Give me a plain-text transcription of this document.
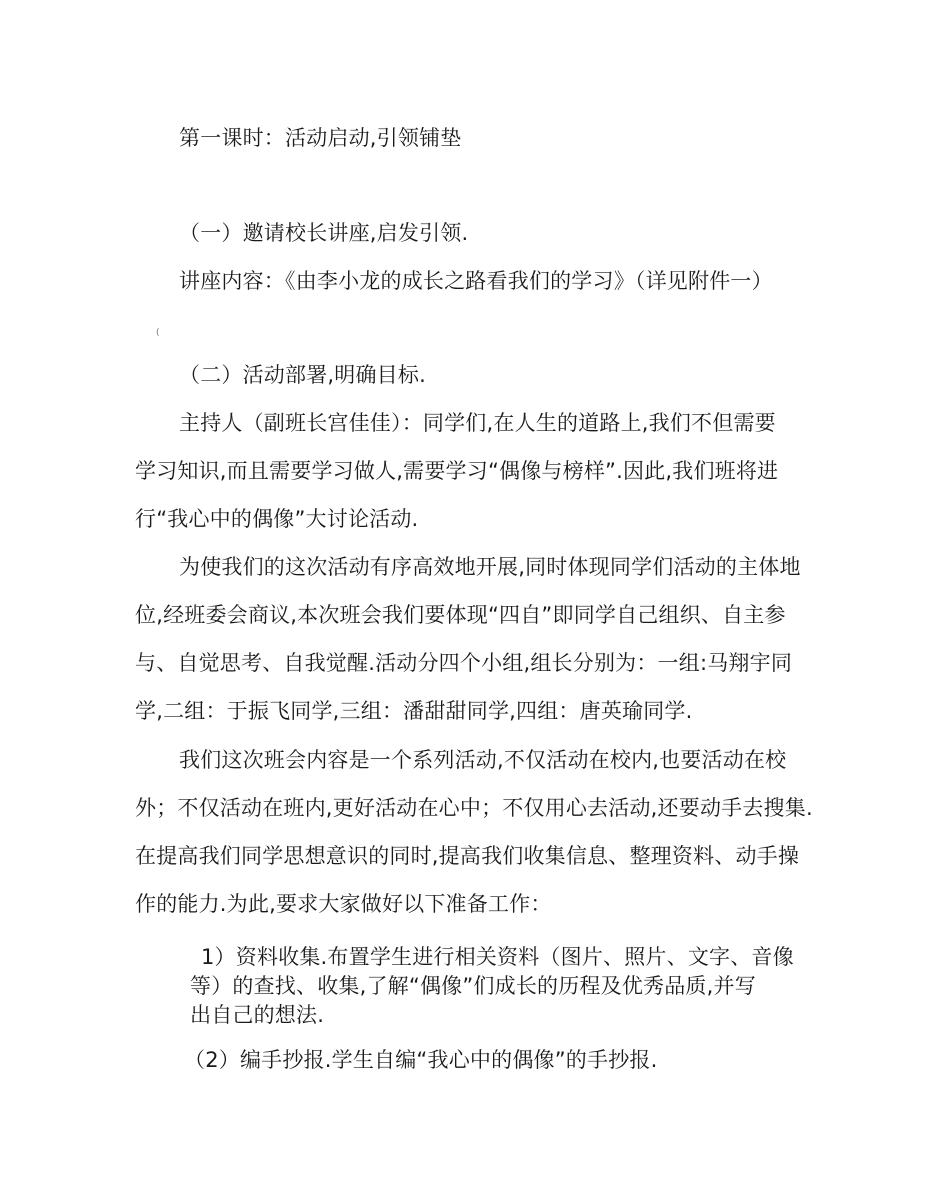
第一课时：活动启动,引领铺垫
（一）邀请校长讲座,启发引领.
讲座内容：《由李小龙的成长之路看我们的学习》（详见附件一）
(
（二）活动部署,明确目标.
主持人（副班长宫佳佳）：同学们,在人生的道路上,我们不但需要
学习知识,而且需要学习做人,需要学习“偶像与榜样”.因此,我们班将进
行“我心中的偶像”大讨论活动.
为使我们的这次活动有序高效地开展,同时体现同学们活动的主体地
位,经班委会商议,本次班会我们要体现“四自”即同学自己组织、自主参
与、自觉思考、自我觉醒.活动分四个小组,组长分别为：一组:马翔宇同
学,二组：于振飞同学,三组：潘甜甜同学,四组：唐英瑜同学.
我们这次班会内容是一个系列活动,不仅活动在校内,也要活动在校
外；不仅活动在班内,更好活动在心中；不仅用心去活动,还要动手去搜集.
在提高我们同学思想意识的同时,提高我们收集信息、整理资料、动手操
作的能力.为此,要求大家做好以下准备工作：
1）资料收集.布置学生进行相关资料（图片、照片、文字、音像
等）的查找、收集,了解“偶像”们成长的历程及优秀品质,并写
出自己的想法.
（2）编手抄报.学生自编“我心中的偶像”的手抄报.
